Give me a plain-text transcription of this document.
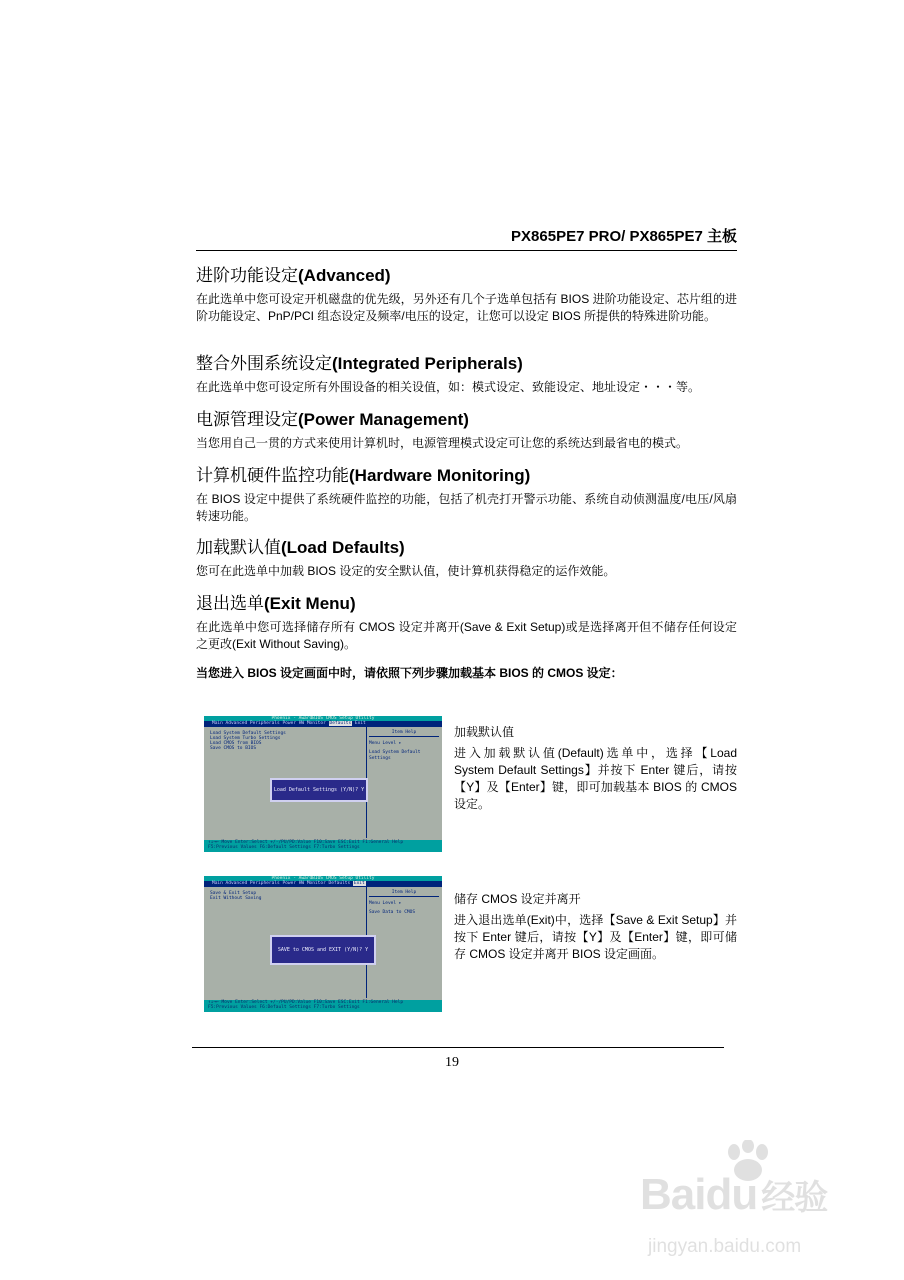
PX865PE7 PRO/ PX865PE7 主板
进阶功能设定(Advanced)

在此选单中您可设定开机磁盘的优先级，另外还有几个子选单包括有 BIOS 进阶功能设定、芯片组的进阶功能设定、PnP/PCI 组态设定及频率/电压的设定，让您可以设定 BIOS 所提供的特殊进阶功能。

整合外围系统设定(Integrated Peripherals)

在此选单中您可设定所有外围设备的相关设值，如：模式设定、致能设定、地址设定・・・等。

电源管理设定(Power Management)

当您用自己一贯的方式来使用计算机时，电源管理模式设定可让您的系统达到最省电的模式。

计算机硬件监控功能(Hardware Monitoring)

在 BIOS 设定中提供了系统硬件监控的功能，包括了机壳打开警示功能、系统自动侦测温度/电压/风扇转速功能。

加载默认值(Load Defaults)

您可在此选单中加载 BIOS 设定的安全默认值，使计算机获得稳定的运作效能。

退出选单(Exit Menu)

在此选单中您可选择储存所有 CMOS 设定并离开(Save & Exit Setup)或是选择离开但不储存任何设定之更改(Exit Without Saving)。

当您进入 BIOS 设定画面中时，请依照下列步骤加载基本 BIOS 的 CMOS 设定：
Phoenix - AwardBIOS CMOS Setup Utility
Main Advanced Peripherals Power HW Monitor Defaults Exit
Load System Default Settings
Load System Turbo Settings
Load CMOS from BIOS
Save CMOS to BIOS
Item Help
Menu Level ▸
Load System Default Settings
Load Default Settings (Y/N)? Y
↑↓→← Move Enter:Select +/-/PU/PD:Value F10:Save ESC:Exit F1:General Help
F5:Previous Values F6:Default Settings F7:Turbo Settings
加载默认值
进入加载默认值(Default)选单中，选择【Load System Default Settings】并按下 Enter 键后，请按【Y】及【Enter】键，即可加载基本 BIOS 的 CMOS 设定。
Phoenix - AwardBIOS CMOS Setup Utility
Main Advanced Peripherals Power HW Monitor Defaults Exit
Save & Exit Setup
Exit Without Saving
Item Help
Menu Level ▸
Save Data to CMOS
SAVE to CMOS and EXIT (Y/N)? Y
↑↓→← Move Enter:Select +/-/PU/PD:Value F10:Save ESC:Exit F1:General Help
F5:Previous Values F6:Default Settings F7:Turbo Settings
储存 CMOS 设定并离开
进入退出选单(Exit)中，选择【Save & Exit Setup】并按下 Enter 键后，请按【Y】及【Enter】键，即可储存 CMOS 设定并离开 BIOS 设定画面。
19
Baidu 经验
jingyan.baidu.com
